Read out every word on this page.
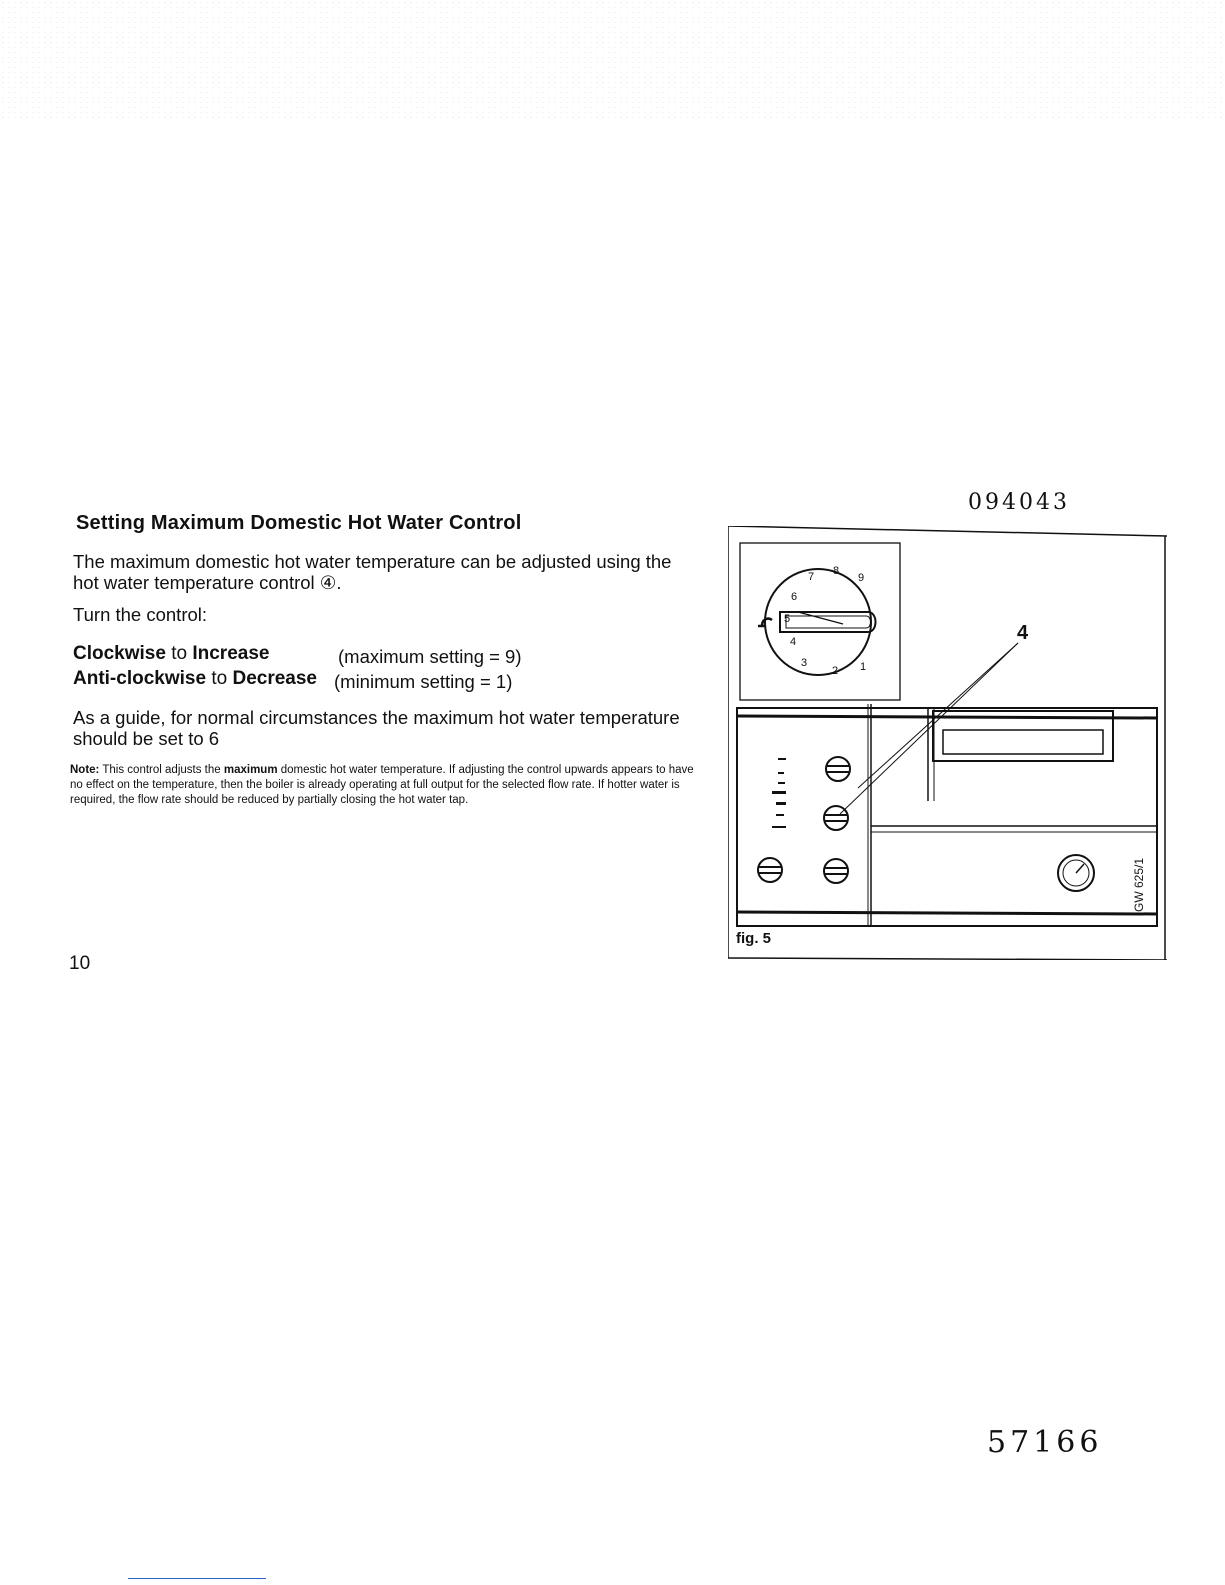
094043
Setting Maximum Domestic Hot Water Control
The maximum domestic hot water temperature can be adjusted using the hot water temperature control ④.
Turn the control:
Clockwise to Increase	(maximum setting = 9)
Anti-clockwise to Decrease (minimum setting = 1)
As a guide, for normal circumstances the maximum hot water temperature should be set to 6
Note: This control adjusts the maximum domestic hot water temperature. If adjusting the control upwards appears to have no effect on the temperature, then the boiler is already operating at full output for the selected flow rate. If hotter water is required, the flow rate should be reduced by partially closing the hot water tap.
10
1
2
3
4
5
6
7 8
9
4
fig. 5
GW 625/1
57166
